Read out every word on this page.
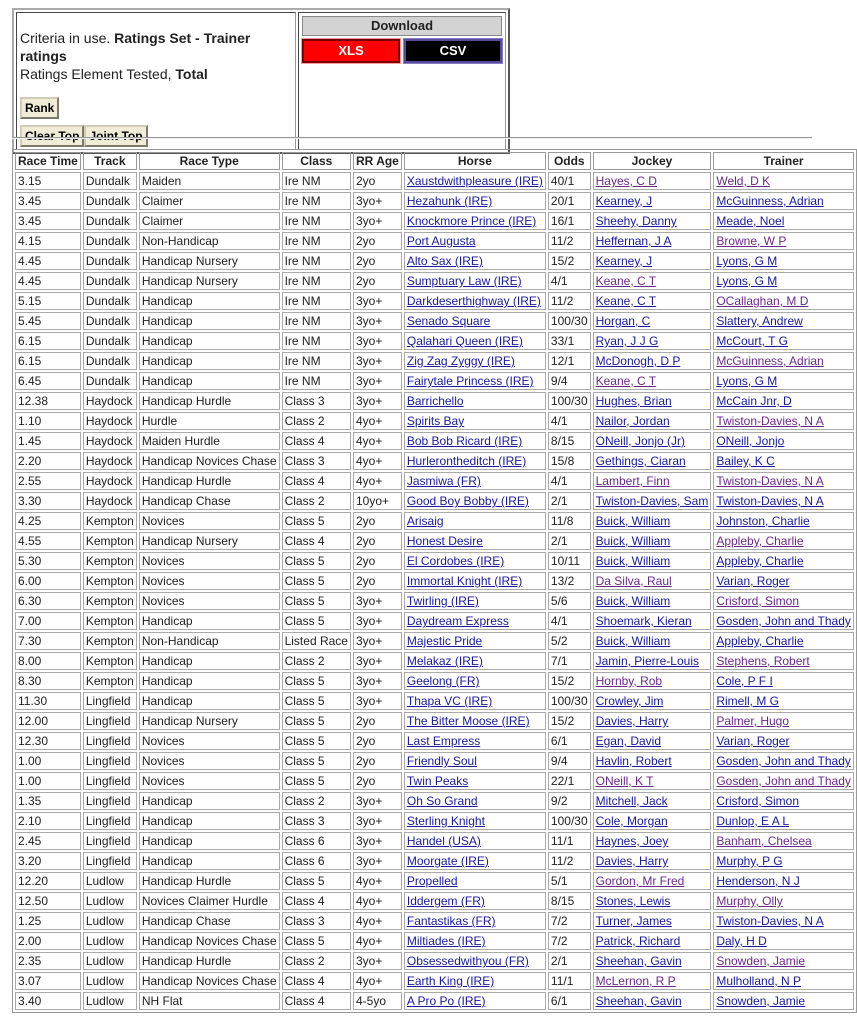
Criteria in use. Ratings Set - Trainer ratings
Ratings Element Tested, Total
Rank
Clear Top Joint Top

Download
XLS	CSV
Race Time	Track	Race Type	Class	RR Age	Horse	Odds	Jockey	Trainer
3.15	Dundalk	Maiden	Ire NM	2yo	Xaustdwithpleasure (IRE)	40/1	Hayes, C D	Weld, D K
3.45	Dundalk	Claimer	Ire NM	3yo+	Hezahunk (IRE)	20/1	Kearney, J	McGuinness, Adrian
3.45	Dundalk	Claimer	Ire NM	3yo+	Knockmore Prince (IRE)	16/1	Sheehy, Danny	Meade, Noel
4.15	Dundalk	Non-Handicap	Ire NM	2yo	Port Augusta	11/2	Heffernan, J A	Browne, W P
4.45	Dundalk	Handicap Nursery	Ire NM	2yo	Alto Sax (IRE)	15/2	Kearney, J	Lyons, G M
4.45	Dundalk	Handicap Nursery	Ire NM	2yo	Sumptuary Law (IRE)	4/1	Keane, C T	Lyons, G M
5.15	Dundalk	Handicap	Ire NM	3yo+	Darkdeserthighway (IRE)	11/2	Keane, C T	OCallaghan, M D
5.45	Dundalk	Handicap	Ire NM	3yo+	Senado Square	100/30	Horgan, C	Slattery, Andrew
6.15	Dundalk	Handicap	Ire NM	3yo+	Qalahari Queen (IRE)	33/1	Ryan, J J G	McCourt, T G
6.15	Dundalk	Handicap	Ire NM	3yo+	Zig Zag Zyggy (IRE)	12/1	McDonogh, D P	McGuinness, Adrian
6.45	Dundalk	Handicap	Ire NM	3yo+	Fairytale Princess (IRE)	9/4	Keane, C T	Lyons, G M
12.38	Haydock	Handicap Hurdle	Class 3	3yo+	Barrichello	100/30	Hughes, Brian	McCain Jnr, D
1.10	Haydock	Hurdle	Class 2	4yo+	Spirits Bay	4/1	Nailor, Jordan	Twiston-Davies, N A
1.45	Haydock	Maiden Hurdle	Class 4	4yo+	Bob Bob Ricard (IRE)	8/15	ONeill, Jonjo (Jr)	ONeill, Jonjo
2.20	Haydock	Handicap Novices Chase	Class 3	4yo+	Hurlerontheditch (IRE)	15/8	Gethings, Ciaran	Bailey, K C
2.55	Haydock	Handicap Hurdle	Class 4	4yo+	Jasmiwa (FR)	4/1	Lambert, Finn	Twiston-Davies, N A
3.30	Haydock	Handicap Chase	Class 2	10yo+	Good Boy Bobby (IRE)	2/1	Twiston-Davies, Sam	Twiston-Davies, N A
4.25	Kempton	Novices	Class 5	2yo	Arisaig	11/8	Buick, William	Johnston, Charlie
4.55	Kempton	Handicap Nursery	Class 4	2yo	Honest Desire	2/1	Buick, William	Appleby, Charlie
5.30	Kempton	Novices	Class 5	2yo	El Cordobes (IRE)	10/11	Buick, William	Appleby, Charlie
6.00	Kempton	Novices	Class 5	2yo	Immortal Knight (IRE)	13/2	Da Silva, Raul	Varian, Roger
6.30	Kempton	Novices	Class 5	3yo+	Twirling (IRE)	5/6	Buick, William	Crisford, Simon
7.00	Kempton	Handicap	Class 5	3yo+	Daydream Express	4/1	Shoemark, Kieran	Gosden, John and Thady
7.30	Kempton	Non-Handicap	Listed Race	3yo+	Majestic Pride	5/2	Buick, William	Appleby, Charlie
8.00	Kempton	Handicap	Class 2	3yo+	Melakaz (IRE)	7/1	Jamin, Pierre-Louis	Stephens, Robert
8.30	Kempton	Handicap	Class 5	3yo+	Geelong (FR)	15/2	Hornby, Rob	Cole, P F I
11.30	Lingfield	Handicap	Class 5	3yo+	Thapa VC (IRE)	100/30	Crowley, Jim	Rimell, M G
12.00	Lingfield	Handicap Nursery	Class 5	2yo	The Bitter Moose (IRE)	15/2	Davies, Harry	Palmer, Hugo
12.30	Lingfield	Novices	Class 5	2yo	Last Empress	6/1	Egan, David	Varian, Roger
1.00	Lingfield	Novices	Class 5	2yo	Friendly Soul	9/4	Havlin, Robert	Gosden, John and Thady
1.00	Lingfield	Novices	Class 5	2yo	Twin Peaks	22/1	ONeill, K T	Gosden, John and Thady
1.35	Lingfield	Handicap	Class 2	3yo+	Oh So Grand	9/2	Mitchell, Jack	Crisford, Simon
2.10	Lingfield	Handicap	Class 3	3yo+	Sterling Knight	100/30	Cole, Morgan	Dunlop, E A L
2.45	Lingfield	Handicap	Class 6	3yo+	Handel (USA)	11/1	Haynes, Joey	Banham, Chelsea
3.20	Lingfield	Handicap	Class 6	3yo+	Moorgate (IRE)	11/2	Davies, Harry	Murphy, P G
12.20	Ludlow	Handicap Hurdle	Class 5	4yo+	Propelled	5/1	Gordon, Mr Fred	Henderson, N J
12.50	Ludlow	Novices Claimer Hurdle	Class 4	4yo+	Iddergem (FR)	8/15	Stones, Lewis	Murphy, Olly
1.25	Ludlow	Handicap Chase	Class 3	4yo+	Fantastikas (FR)	7/2	Turner, James	Twiston-Davies, N A
2.00	Ludlow	Handicap Novices Chase	Class 5	4yo+	Miltiades (IRE)	7/2	Patrick, Richard	Daly, H D
2.35	Ludlow	Handicap Hurdle	Class 2	3yo+	Obsessedwithyou (FR)	2/1	Sheehan, Gavin	Snowden, Jamie
3.07	Ludlow	Handicap Novices Chase	Class 4	4yo+	Earth King (IRE)	11/1	McLernon, R P	Mulholland, N P
3.40	Ludlow	NH Flat	Class 4	4-5yo	A Pro Po (IRE)	6/1	Sheehan, Gavin	Snowden, Jamie
